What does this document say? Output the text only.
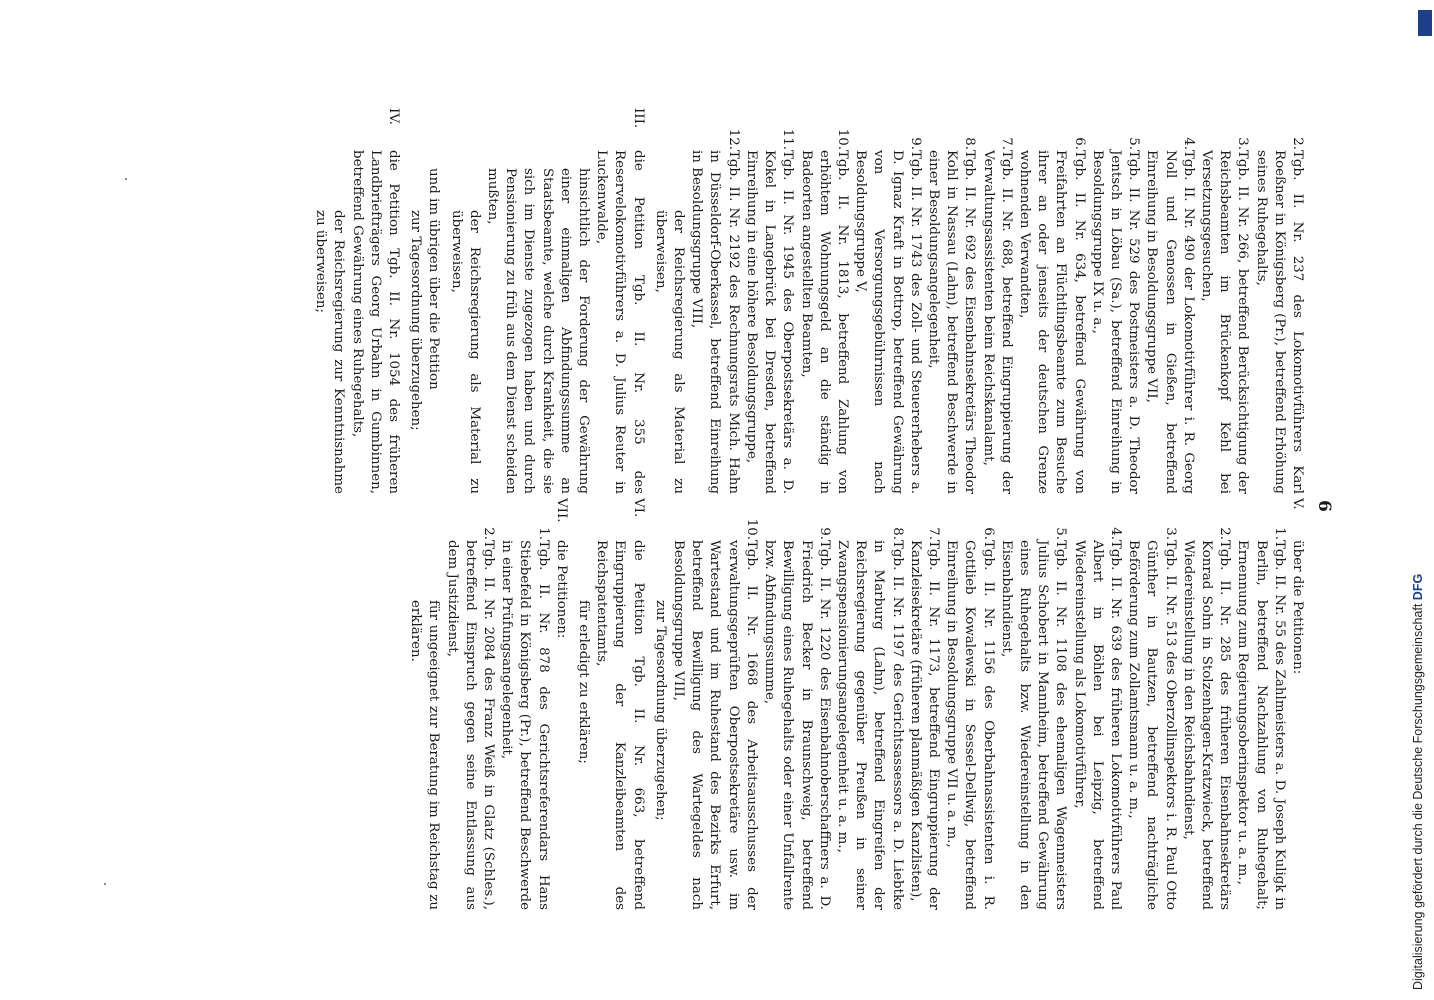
6
2.
Tgb. II. Nr. 237 des Lokomotivführers Karl Roeßner in Königsberg (Pr.), betreffend Erhöhung seines Ruhegehalts,
3.
Tgb. II. Nr. 266, betreffend Berücksichtigung der Reichsbeamten im Brückenkopf Kehl bei Versetzungsgesuchen,
4.
Tgb. II. Nr. 490 der Lokomotivführer i. R. Georg Noll und Genossen in Gießen, betreffend Einreihung in Besoldungsgruppe VII,
5.
Tgb. II. Nr. 529 des Postmeisters a. D. Theodor Jentsch in Löbau (Sa.), betreffend Einreihung in Besoldungsgruppe IX u. a.,
6.
Tgb. II. Nr. 634, betreffend Gewährung von Freifahrten an Flüchtlingsbeamte zum Besuche ihrer an oder jenseits der deutschen Grenze wohnenden Verwandten,
7.
Tgb. II. Nr. 688, betreffend Eingruppierung der Verwaltungsassistenten beim Reichskanalamt,
8.
Tgb. II. Nr. 692 des Eisenbahnsekretärs Theodor Kohl in Nassau (Lahn), betreffend Beschwerde in einer Besoldungsangelegenheit,
9.
Tgb. II. Nr. 1743 des Zoll- und Steuererhebers a. D. Ignaz Kraft in Bottrop, betreffend Gewährung von Versorgungsgebührnissen nach Besoldungsgruppe V,
10.
Tgb. II. Nr. 1813, betreffend Zahlung von erhöhtem Wohnungsgeld an die ständig in Badeorten angestellten Beamten,
11.
Tgb. II. Nr. 1945 des Oberpostsekretärs a. D. Kokel in Langebrück bei Dresden, betreffend Einreihung in eine höhere Besoldungsgruppe,
12.
Tgb. II. Nr. 2192 des Rechnungsrats Mich. Hahn in Düsseldorf-Oberkassel, betreffend Einreihung in Besoldungsgruppe VIII,
der Reichsregierung als Material zu überweisen,
III.
die Petition Tgb. II. Nr. 355 des Reservelokomotivführers a. D. Julius Reuter in Luckenwalde,
hinsichtlich der Forderung der Gewährung einer einmaligen Abfindungssumme an Staatsbeamte, welche durch Krankheit, die sie sich im Dienste zugezogen haben und durch Pensionierung zu früh aus dem Dienst scheiden mußten,
der Reichsregierung als Material zu überweisen,
und im übrigen über die Petition
zur Tagesordnung überzugehen;
IV.
die Petition Tgb. II. Nr. 1054 des früheren Landbriefträgers Georg Urbahn in Gumbinnen, betreffend Gewährung eines Ruhegehalts,
der Reichsregierung zur Kenntnisnahme zu überweisen;
V.
über die Petitionen:
1.
Tgb. II. Nr. 55 des Zahlmeisters a. D. Joseph Kuligk in Berlin, betreffend Nachzahlung von Ruhegehalt; Ernennung zum Regierungsoberinspektor u. a. m.,
2.
Tgb. II. Nr. 285 des früheren Eisenbahnsekretärs Konrad Sohn in Stolzenhagen-Kratzwieck, betreffend Wiedereinstellung in den Reichsbahndienst,
3.
Tgb. II. Nr. 513 des Oberzollinspektors i. R. Paul Otto Günther in Bautzen, betreffend nachträgliche Beförderung zum Zollamtsmann u. a. m.,
4.
Tgb. II. Nr. 639 des früheren Lokomotivführers Paul Albert in Böhlen bei Leipzig, betreffend Wiedereinstellung als Lokomotivführer,
5.
Tgb. II. Nr. 1108 des ehemaligen Wagenmeisters Julius Schobert in Mannheim, betreffend Gewährung eines Ruhegehalts bzw. Wiedereinstellung in den Eisenbahndienst,
6.
Tgb. II. Nr. 1156 des Oberbahnassistenten i. R. Gottlieb Kowalewski in Sessel-Dellwig, betreffend Einreihung in Besoldungsgruppe VII u. a. m.,
7.
Tgb. II. Nr. 1173, betreffend Eingruppierung der Kanzleisekretäre (früheren planmäßigen Kanzlisten),
8.
Tgb. II. Nr. 1197 des Gerichtsassessors a. D. Liebtke in Marburg (Lahn), betreffend Eingreifen der Reichsregierung gegenüber Preußen in seiner Zwangspensionierungsangelegenheit u. a. m.,
9.
Tgb. II. Nr. 1220 des Eisenbahnoberschaffners a. D. Friedrich Becker in Braunschweig, betreffend Bewilligung eines Ruhegehalts oder einer Unfallrente bzw. Abfindungssumme,
10.
Tgb. II. Nr. 1668 des Arbeitsausschusses der verwaltungsgeprüften Oberpostsekretäre usw. im Wartestand und im Ruhestand des Bezirks Erfurt, betreffend Bewilligung des Wartegeldes nach Besoldungsgruppe VIII,
zur Tagesordnung überzugehen;
VI.
die Petition Tgb. II. Nr. 663, betreffend Eingruppierung der Kanzleibeamten des Reichspatentamts,
für erledigt zu erklären;
VII.
die Petitionen:
1.
Tgb. II. Nr. 878 des Gerichtsreferendars Hans Stiebefeld in Königsberg (Pr.), betreffend Beschwerde in einer Prüfungsangelegenheit,
2.
Tgb. II. Nr. 2084 des Franz Weiß in Glatz (Schles.), betreffend Einspruch gegen seine Entlassung aus dem Justizdienst,
für ungeeignet zur Beratung im Reichstag zu erklären.	Digitalisierung gefördert durch die Deutsche Forschungsgemeinschaft DFG
